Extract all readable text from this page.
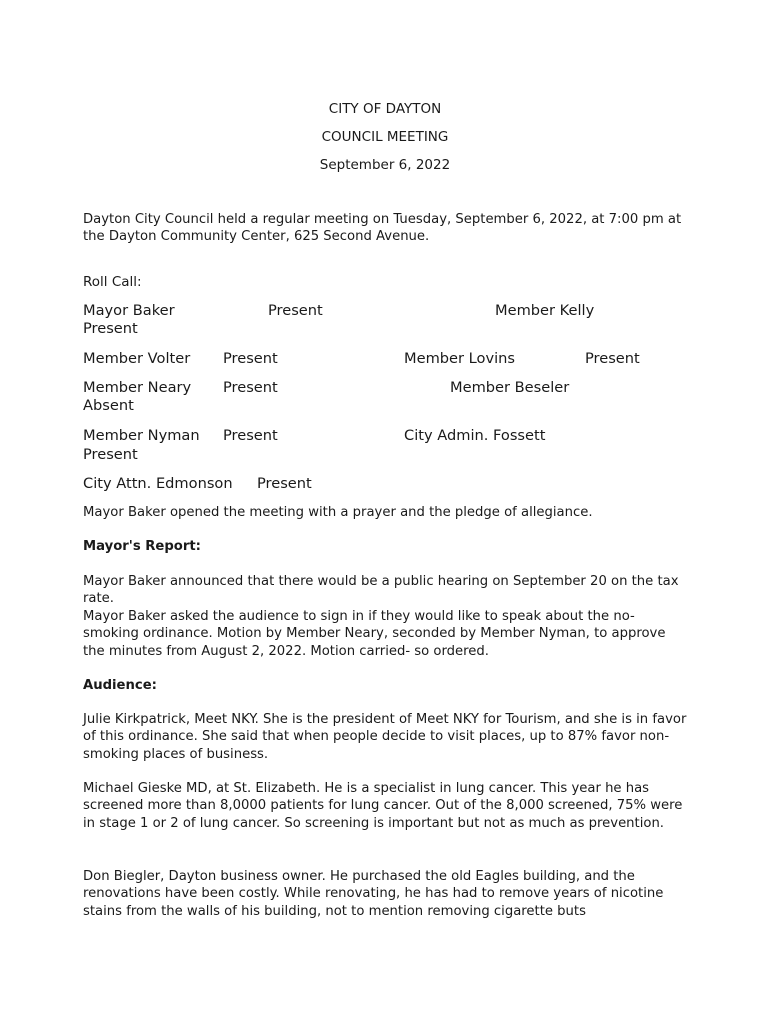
CITY OF DAYTON
COUNCIL MEETING
September 6, 2022

Dayton City Council held a regular meeting on Tuesday, September 6, 2022, at 7:00 pm at the Dayton Community Center, 625 Second Avenue.

Roll Call:
Mayor Baker	Present	Member Kelly
Present
Member Volter Present	Member Lovins	Present
Member Neary Present	Member Beseler
Absent
Member Nyman Present	City Admin. Fossett
Present
City Attn. Edmonson Present

Mayor Baker opened the meeting with a prayer and the pledge of allegiance.

Mayor's Report:

Mayor Baker announced that there would be a public hearing on September 20 on the tax rate.

Mayor Baker asked the audience to sign in if they would like to speak about the no-smoking ordinance. Motion by Member Neary, seconded by Member Nyman, to approve the minutes from August 2, 2022. Motion carried- so ordered.

Audience:

Julie Kirkpatrick, Meet NKY. She is the president of Meet NKY for Tourism, and she is in favor of this ordinance. She said that when people decide to visit places, up to 87% favor non-smoking places of business.

Michael Gieske MD, at St. Elizabeth. He is a specialist in lung cancer. This year he has screened more than 8,0000 patients for lung cancer. Out of the 8,000 screened, 75% were in stage 1 or 2 of lung cancer. So screening is important but not as much as prevention.

Don Biegler, Dayton business owner. He purchased the old Eagles building, and the renovations have been costly. While renovating, he has had to remove years of nicotine stains from the walls of his building, not to mention removing cigarette buts
